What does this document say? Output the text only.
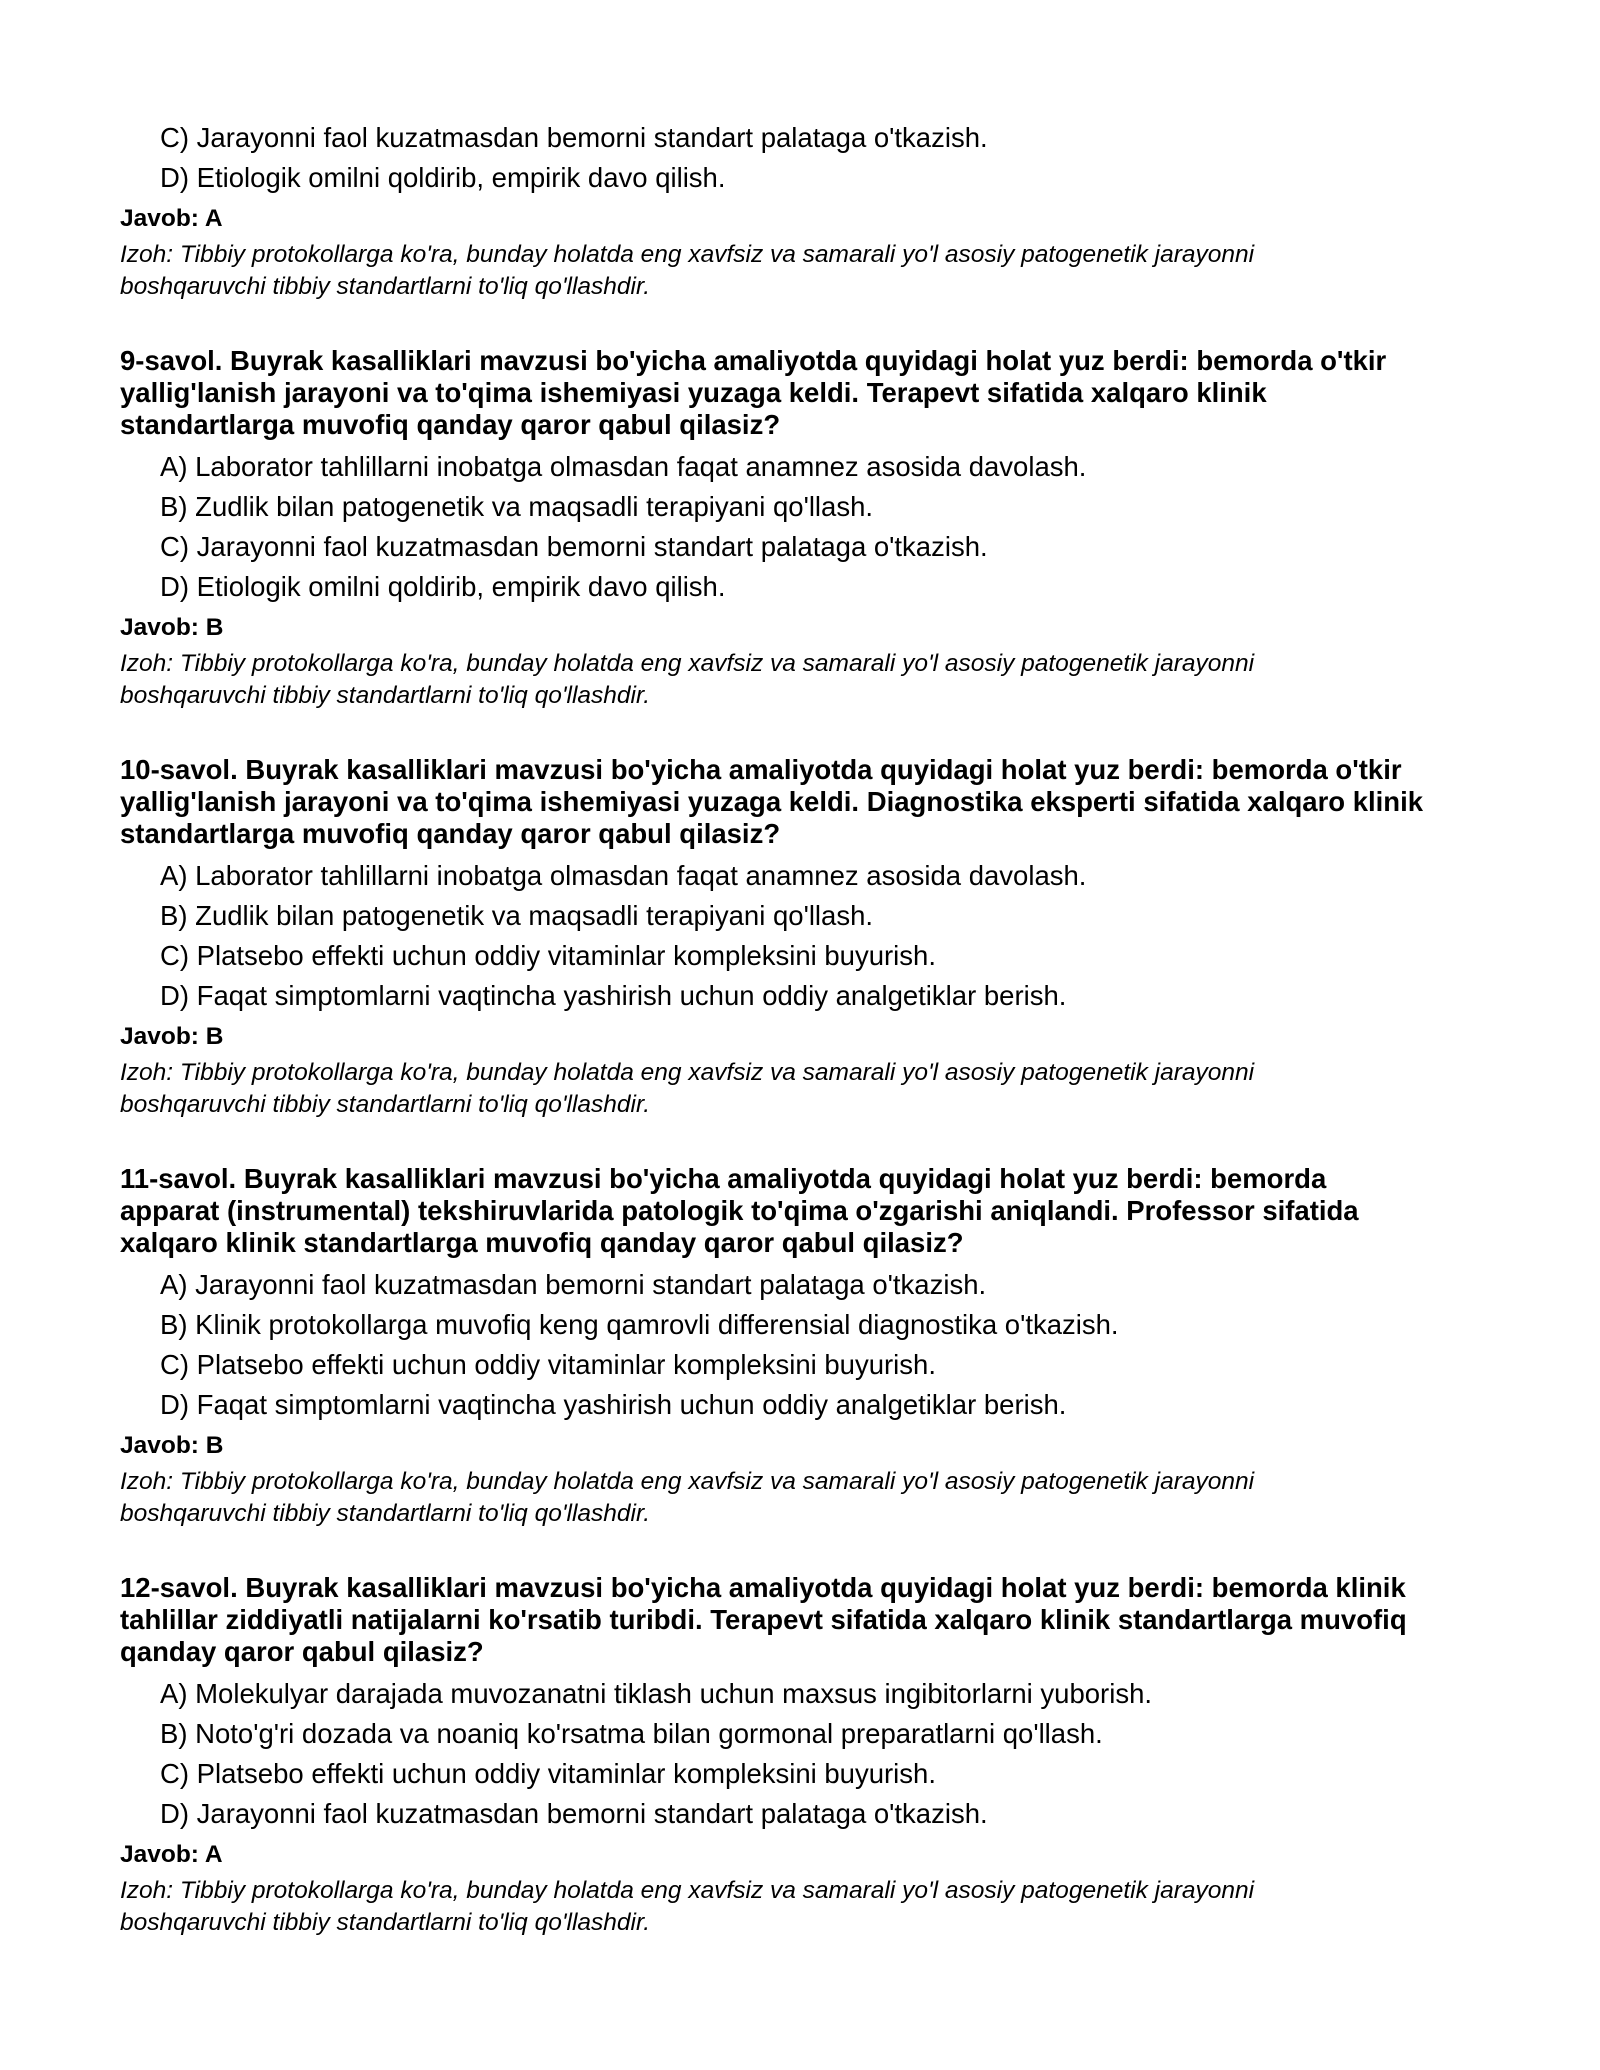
C) Jarayonni faol kuzatmasdan bemorni standart palataga o'tkazish.
D) Etiologik omilni qoldirib, empirik davo qilish.
Javob: A
Izoh: Tibbiy protokollarga ko'ra, bunday holatda eng xavfsiz va samarali yo'l asosiy patogenetik jarayonni
boshqaruvchi tibbiy standartlarni to'liq qo'llashdir.
9-savol. Buyrak kasalliklari mavzusi bo'yicha amaliyotda quyidagi holat yuz berdi: bemorda o'tkir
yallig'lanish jarayoni va to'qima ishemiyasi yuzaga keldi. Terapevt sifatida xalqaro klinik
standartlarga muvofiq qanday qaror qabul qilasiz?
A) Laborator tahlillarni inobatga olmasdan faqat anamnez asosida davolash.
B) Zudlik bilan patogenetik va maqsadli terapiyani qo'llash.
C) Jarayonni faol kuzatmasdan bemorni standart palataga o'tkazish.
D) Etiologik omilni qoldirib, empirik davo qilish.
Javob: B
Izoh: Tibbiy protokollarga ko'ra, bunday holatda eng xavfsiz va samarali yo'l asosiy patogenetik jarayonni
boshqaruvchi tibbiy standartlarni to'liq qo'llashdir.
10-savol. Buyrak kasalliklari mavzusi bo'yicha amaliyotda quyidagi holat yuz berdi: bemorda o'tkir
yallig'lanish jarayoni va to'qima ishemiyasi yuzaga keldi. Diagnostika eksperti sifatida xalqaro klinik
standartlarga muvofiq qanday qaror qabul qilasiz?
A) Laborator tahlillarni inobatga olmasdan faqat anamnez asosida davolash.
B) Zudlik bilan patogenetik va maqsadli terapiyani qo'llash.
C) Platsebo effekti uchun oddiy vitaminlar kompleksini buyurish.
D) Faqat simptomlarni vaqtincha yashirish uchun oddiy analgetiklar berish.
Javob: B
Izoh: Tibbiy protokollarga ko'ra, bunday holatda eng xavfsiz va samarali yo'l asosiy patogenetik jarayonni
boshqaruvchi tibbiy standartlarni to'liq qo'llashdir.
11-savol. Buyrak kasalliklari mavzusi bo'yicha amaliyotda quyidagi holat yuz berdi: bemorda
apparat (instrumental) tekshiruvlarida patologik to'qima o'zgarishi aniqlandi. Professor sifatida
xalqaro klinik standartlarga muvofiq qanday qaror qabul qilasiz?
A) Jarayonni faol kuzatmasdan bemorni standart palataga o'tkazish.
B) Klinik protokollarga muvofiq keng qamrovli differensial diagnostika o'tkazish.
C) Platsebo effekti uchun oddiy vitaminlar kompleksini buyurish.
D) Faqat simptomlarni vaqtincha yashirish uchun oddiy analgetiklar berish.
Javob: B
Izoh: Tibbiy protokollarga ko'ra, bunday holatda eng xavfsiz va samarali yo'l asosiy patogenetik jarayonni
boshqaruvchi tibbiy standartlarni to'liq qo'llashdir.
12-savol. Buyrak kasalliklari mavzusi bo'yicha amaliyotda quyidagi holat yuz berdi: bemorda klinik
tahlillar ziddiyatli natijalarni ko'rsatib turibdi. Terapevt sifatida xalqaro klinik standartlarga muvofiq
qanday qaror qabul qilasiz?
A) Molekulyar darajada muvozanatni tiklash uchun maxsus ingibitorlarni yuborish.
B) Noto'g'ri dozada va noaniq ko'rsatma bilan gormonal preparatlarni qo'llash.
C) Platsebo effekti uchun oddiy vitaminlar kompleksini buyurish.
D) Jarayonni faol kuzatmasdan bemorni standart palataga o'tkazish.
Javob: A
Izoh: Tibbiy protokollarga ko'ra, bunday holatda eng xavfsiz va samarali yo'l asosiy patogenetik jarayonni
boshqaruvchi tibbiy standartlarni to'liq qo'llashdir.
